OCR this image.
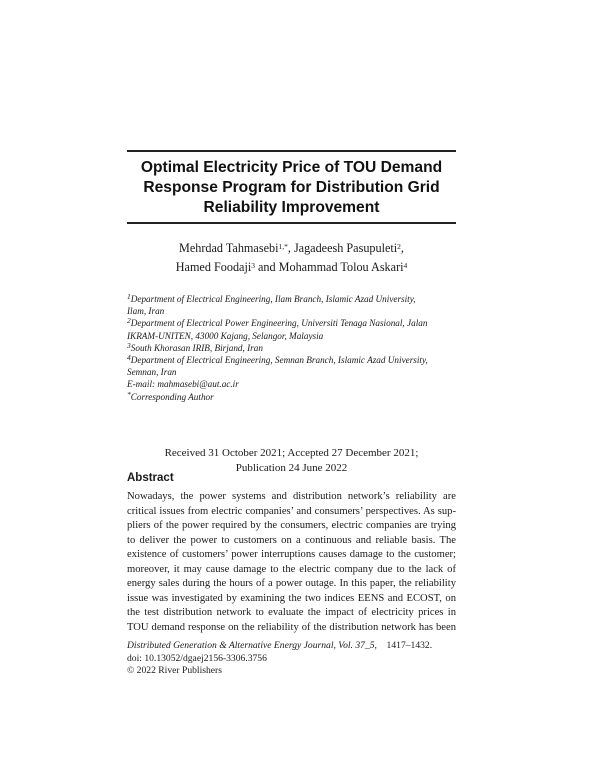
Optimal Electricity Price of TOU Demand
Response Program for Distribution Grid
Reliability Improvement
Mehrdad Tahmasebi$^{1,*}$, Jagadeesh Pasupuleti$^2$,
Hamed Foodaji$^3$ and Mohammad Tolou Askari$^4$
$^1$Department of Electrical Engineering, Ilam Branch, Islamic Azad University,
Ilam, Iran
$^2$Department of Electrical Power Engineering, Universiti Tenaga Nasional, Jalan
IKRAM-UNITEN, 43000 Kajang, Selangor, Malaysia
$^3$South Khorasan IRIB, Birjand, Iran
$^4$Department of Electrical Engineering, Semnan Branch, Islamic Azad University,
Semnan, Iran
E-mail: mahmasebi@aut.ac.ir
*Corresponding Author
Received 31 October 2021; Accepted 27 December 2021;
Publication 24 June 2022
Abstract
Nowadays, the power systems and distribution network’s reliability are
critical issues from electric companies’ and consumers’ perspectives. As sup-
pliers of the power required by the consumers, electric companies are trying
to deliver the power to customers on a continuous and reliable basis. The
existence of customers’ power interruptions causes damage to the customer;
moreover, it may cause damage to the electric company due to the lack of
energy sales during the hours of a power outage. In this paper, the reliability
issue was investigated by examining the two indices EENS and ECOST, on
the test distribution network to evaluate the impact of electricity prices in
TOU demand response on the reliability of the distribution network has been
Distributed Generation & Alternative Energy Journal, Vol. 37_5, 1417–1432.
doi: 10.13052/dgaej2156-3306.3756
© 2022 River Publishers
